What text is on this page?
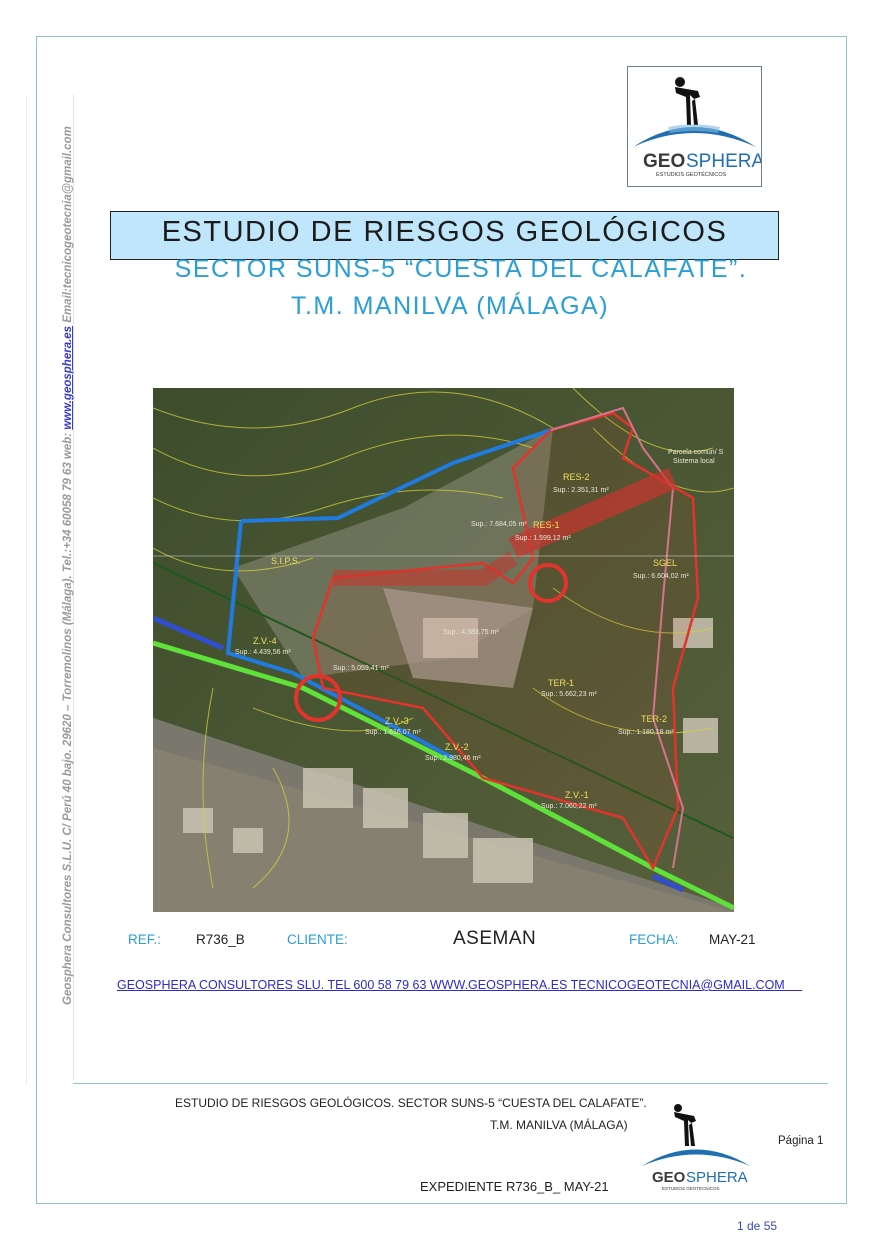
Geosphera Consultores S.L.U. C/ Perú 40 bajo. 29620 – Torremolinos (Málaga). Tel.:+34 60058 79 63 web: www.geosphera.es Email:tecnicogeotecnia@gmail.com	GEO SPHERA
ESTUDIOS GEOTÉCNICOS
ESTUDIO DE RIESGOS GEOLÓGICOS
SECTOR SUNS-5 “CUESTA DEL CALAFATE”.
T.M. MANILVA (MÁLAGA)
RES-2
Sup.: 2.351,31 m²
RES-1
Sup.: 1.599,12 m²
Sup.: 7.684,05 m²
SGEL
Sup.: 6.604,02 m²
S.I.P.S.
Sup.: 4.383,75 m²
Z.V.-4
Sup.: 4.439,56 m²
Sup.: 5.059,41 m²
TER-1
Sup.: 5.662,23 m²
TER-2
Sup.: 1.180,18 m²
Z.V.-3
Sup.: 1.616,07 m²
Z.V.-2
Sup.: 2.980,46 m²
Z.V.-1
Sup.: 7.060,22 m²
Parcela común/ S
Sistema local
REF.:	R736_B	CLIENTE:	ASEMAN	FECHA: MAY-21
GEOSPHERA CONSULTORES SLU. TEL 600 58 79 63 WWW.GEOSPHERA.ES TECNICOGEOTECNIA@GMAIL.COM
ESTUDIO DE RIESGOS GEOLÓGICOS. SECTOR SUNS-5 “CUESTA DEL CALAFATE”.
T.M. MANILVA (MÁLAGA)
Página 1
GEO SPHERA
ESTUDIOS GEOTÉCNICOS
EXPEDIENTE R736_B_ MAY-21
1 de 55
